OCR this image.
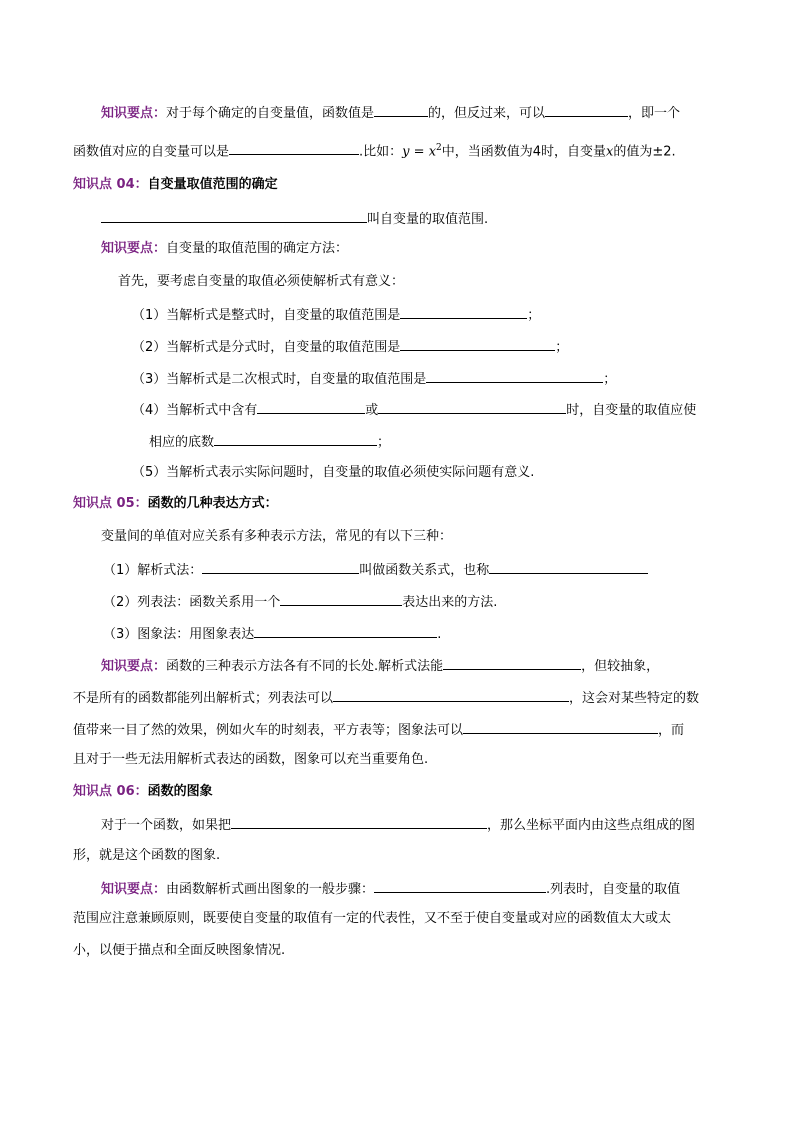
知识要点：对于每个确定的自变量值，函数值是	的，但反过来，可以	，即一个
函数值对应的自变量可以是	.比如：$y = x^2$中，当函数值为4时，自变量x的值为±2.
知识点 04：自变量取值范围的确定
叫自变量的取值范围.
知识要点：自变量的取值范围的确定方法：
首先，要考虑自变量的取值必须使解析式有意义：
（1）当解析式是整式时，自变量的取值范围是	；
（2）当解析式是分式时，自变量的取值范围是	；
（3）当解析式是二次根式时，自变量的取值范围是	；
（4）当解析式中含有	或	时，自变量的取值应使
相应的底数	；
（5）当解析式表示实际问题时，自变量的取值必须使实际问题有意义.
知识点 05：函数的几种表达方式：
变量间的单值对应关系有多种表示方法，常见的有以下三种：
（1）解析式法：	叫做函数关系式，也称
（2）列表法：函数关系用一个	表达出来的方法.
（3）图象法：用图象表达	.
知识要点：函数的三种表示方法各有不同的长处.解析式法能	，但较抽象，
不是所有的函数都能列出解析式；列表法可以	，这会对某些特定的数
值带来一目了然的效果，例如火车的时刻表，平方表等；图象法可以	，而
且对于一些无法用解析式表达的函数，图象可以充当重要角色.
知识点 06：函数的图象
对于一个函数，如果把	，那么坐标平面内由这些点组成的图
形，就是这个函数的图象.
知识要点：由函数解析式画出图象的一般步骤：	.列表时，自变量的取值
范围应注意兼顾原则，既要使自变量的取值有一定的代表性，又不至于使自变量或对应的函数值太大或太
小，以便于描点和全面反映图象情况.
